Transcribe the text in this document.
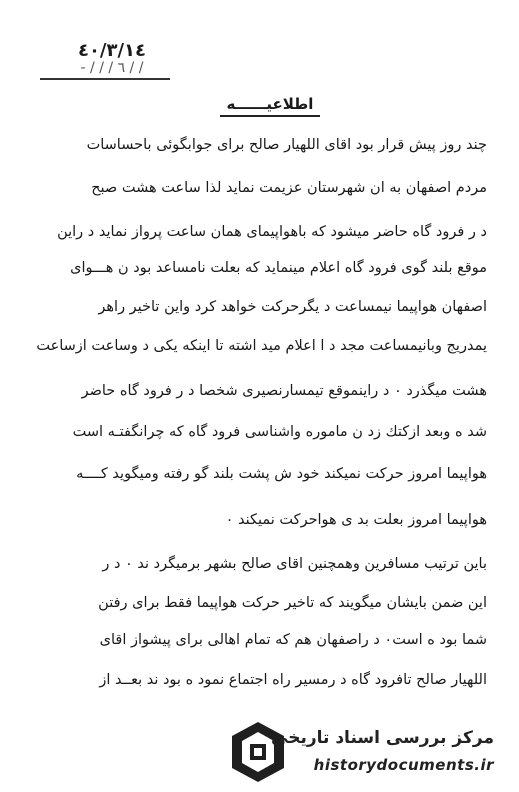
٤٠/٣/١٤
- / / / ٦ / /
اطلاعیــــــه
چند روز پیش قرار بود اقای اللهیار صالح برای جوابگوئی باحساسات
مردم اصفهان به ان شهرستان عزیمت نماید لذا ساعت هشت صبح
د ر فرود گاه حاضر میشود که باهواپیمای همان ساعت پرواز نماید د راین
موقع بلند گوی فرود گاه اعلام مینماید که بعلت نامساعد بود ن هـــوای
اصفهان هواپیما نیمساعت د یگرحرکت خواهد کرد واین تاخیر راهر
یمدریج وبانیمساعت مجد د ا اعلام مید اشته تا اینکه یکی د وساعت ازساعت
هشت میگذرد ٠ د راینموقع تیمسارنصیری شخصا د ر فرود گاه حاضر
شد ه وبعد ازکتك زد ن ماموره واشناسی فرود گاه که چرانگفتـه است
هواپیما امروز حرکت نمیکند خود ش پشت بلند گو رفته ومیگوید کــــه
هواپیما امروز بعلت بد ی هواحرکت نمیکند ٠
باین ترتیب مسافرین وهمچنین اقای صالح بشهر برمیگرد ند ٠ د ر
این ضمن بایشان میگویند که تاخیر حرکت هواپیما فقط برای رفتن
شما بود ه است٠ د راصفهان هم که تمام اهالی برای پیشواز اقای
اللهیار صالح تافرود گاه د رمسیر راه اجتماع نمود ه بود ند بعــد از
مرکز بررسی اسناد تاریخی
historydocuments.ir
